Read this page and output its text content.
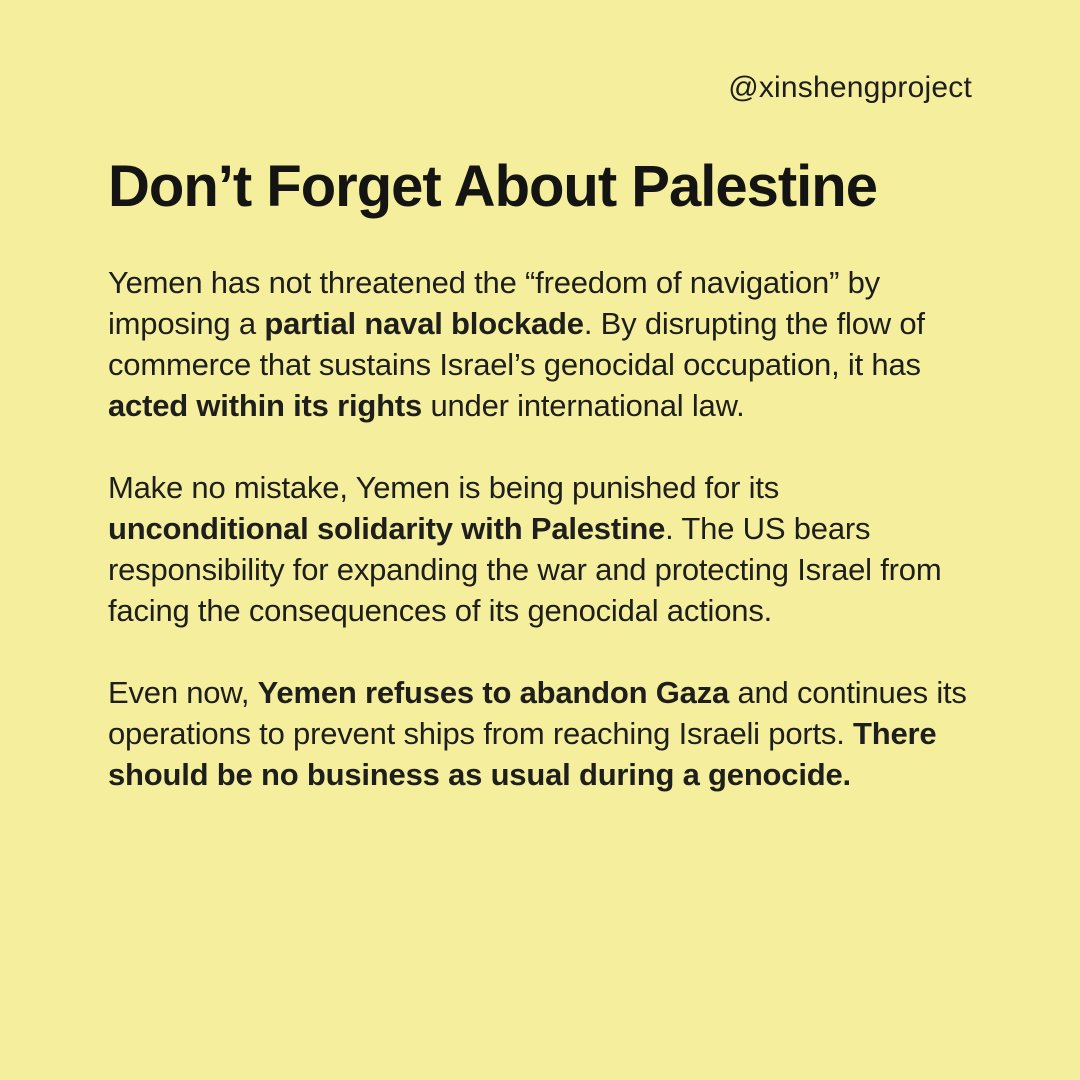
@xinshengproject
Don’t Forget About Palestine

Yemen has not threatened the “freedom of navigation” by imposing a partial naval blockade. By disrupting the flow of commerce that sustains Israel’s genocidal occupation, it has acted within its rights under international law.

Make no mistake, Yemen is being punished for its unconditional solidarity with Palestine. The US bears responsibility for expanding the war and protecting Israel from facing the consequences of its genocidal actions.

Even now, Yemen refuses to abandon Gaza and continues its operations to prevent ships from reaching Israeli ports. There should be no business as usual during a genocide.
